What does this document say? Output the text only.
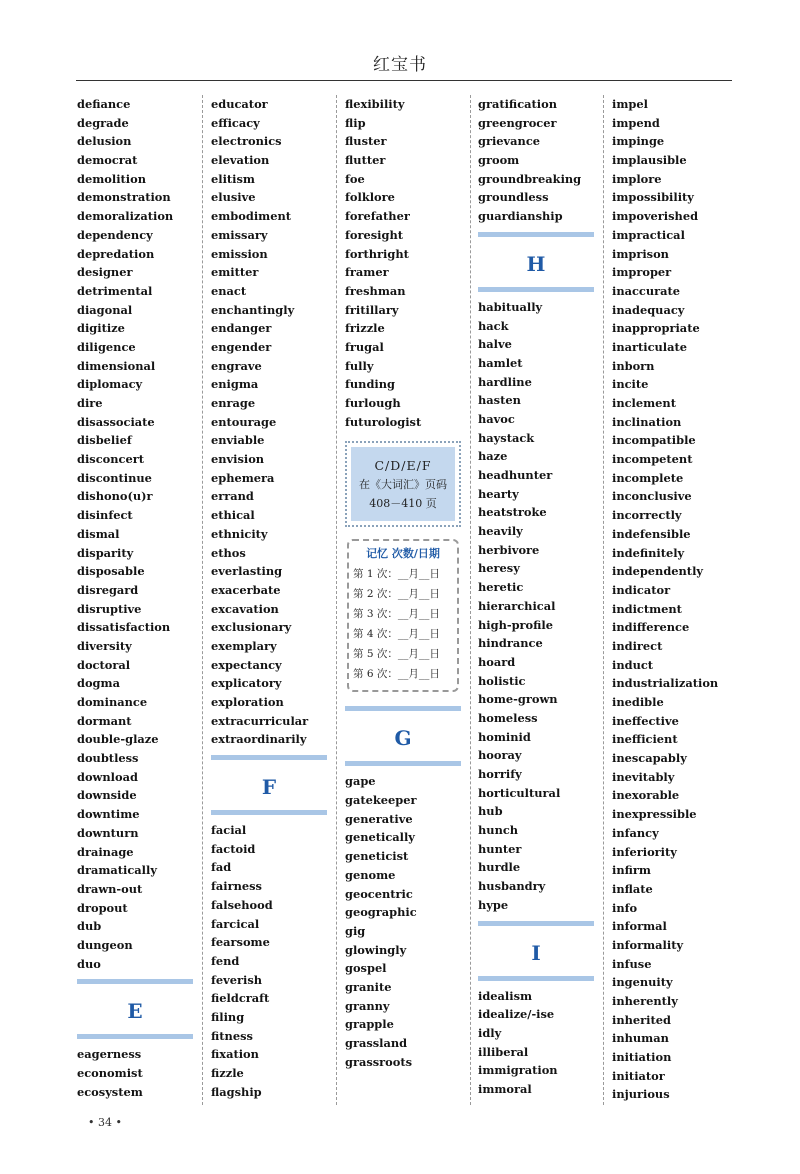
红宝书
defiance
degrade
delusion
democrat
demolition
demonstration
demoralization
dependency
depredation
designer
detrimental
diagonal
digitize
diligence
dimensional
diplomacy
dire
disassociate
disbelief
disconcert
discontinue
dishono(u)r
disinfect
dismal
disparity
disposable
disregard
disruptive
dissatisfaction
diversity
doctoral
dogma
dominance
dormant
double-glaze
doubtless
download
downside
downtime
downturn
drainage
dramatically
drawn-out
dropout
dub
dungeon
duo
E
eagerness
economist
ecosystem
educator
efficacy
electronics
elevation
elitism
elusive
embodiment
emissary
emission
emitter
enact
enchantingly
endanger
engender
engrave
enigma
enrage
entourage
enviable
envision
ephemera
errand
ethical
ethnicity
ethos
everlasting
exacerbate
excavation
exclusionary
exemplary
expectancy
explicatory
exploration
extracurricular
extraordinarily
F
facial
factoid
fad
fairness
falsehood
farcical
fearsome
fend
feverish
fieldcraft
filing
fitness
fixation
fizzle
flagship
flexibility
flip
fluster
flutter
foe
folklore
forefather
foresight
forthright
framer
freshman
fritillary
frizzle
frugal
fully
funding
furlough
futurologist
C/D/E/F
在《大词汇》页码
408－410 页
记忆 次数/日期
第 1 次：__月__日
第 2 次：__月__日
第 3 次：__月__日
第 4 次：__月__日
第 5 次：__月__日
第 6 次：__月__日
G
gape
gatekeeper
generative
genetically
geneticist
genome
geocentric
geographic
gig
glowingly
gospel
granite
granny
grapple
grassland
grassroots
gratification
greengrocer
grievance
groom
groundbreaking
groundless
guardianship
H
habitually
hack
halve
hamlet
hardline
hasten
havoc
haystack
haze
headhunter
hearty
heatstroke
heavily
herbivore
heresy
heretic
hierarchical
high-profile
hindrance
hoard
holistic
home-grown
homeless
hominid
hooray
horrify
horticultural
hub
hunch
hunter
hurdle
husbandry
hype
I
idealism
idealize/-ise
idly
illiberal
immigration
immoral
impel
impend
impinge
implausible
implore
impossibility
impoverished
impractical
imprison
improper
inaccurate
inadequacy
inappropriate
inarticulate
inborn
incite
inclement
inclination
incompatible
incompetent
incomplete
inconclusive
incorrectly
indefensible
indefinitely
independently
indicator
indictment
indifference
indirect
induct
industrialization
inedible
ineffective
inefficient
inescapably
inevitably
inexorable
inexpressible
infancy
inferiority
infirm
inflate
info
informal
informality
infuse
ingenuity
inherently
inherited
inhuman
initiation
initiator
injurious
• 34 •
